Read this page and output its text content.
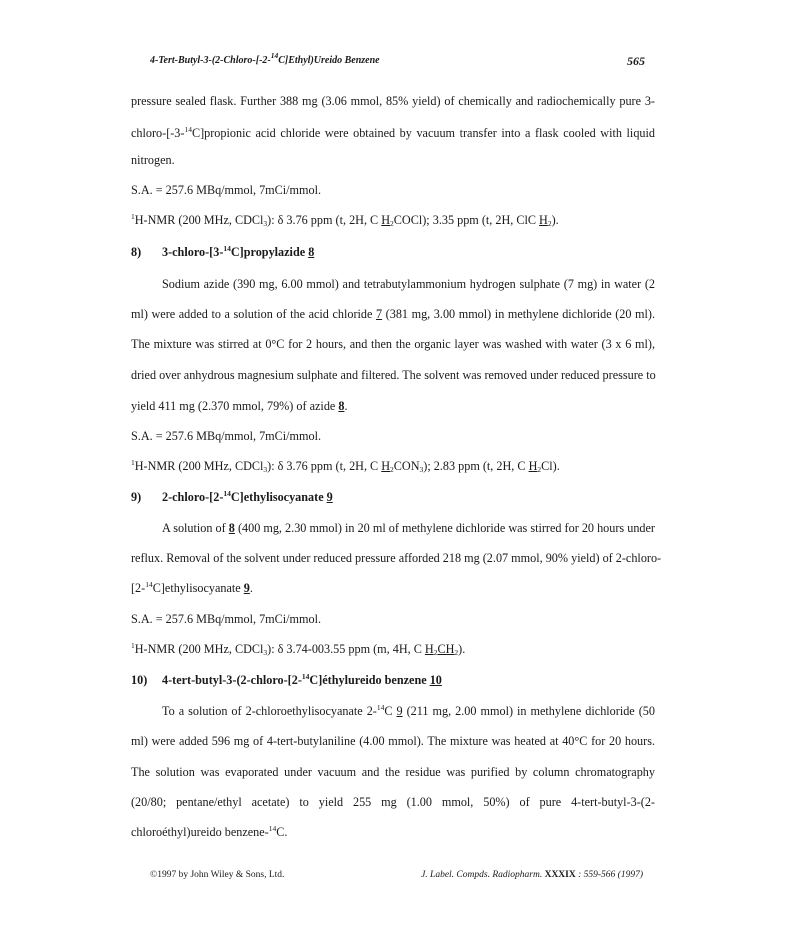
4-Tert-Butyl-3-(2-Chloro-[-2-$^{14}$C]Ethyl)Ureido Benzene	565
pressure sealed flask. Further 388 mg (3.06 mmol, 85% yield) of chemically and radiochemically pure 3-
chloro-[-3-$^{14}$C]propionic acid chloride were obtained by vacuum transfer into a flask cooled with liquid
nitrogen.
S.A. = 257.6 MBq/mmol, 7mCi/mmol.
$^1$H-NMR (200 MHz, CDCl$_3$): δ 3.76 ppm (t, 2H, C $H_2COCl$); 3.35 ppm (t, 2H, ClC $H_2$).
8) 3-chloro-[3-$^{14}$C]propylazide 8
Sodium azide (390 mg, 6.00 mmol) and tetrabutylammonium hydrogen sulphate (7 mg) in water (2
ml) were added to a solution of the acid chloride 7 (381 mg, 3.00 mmol) in methylene dichloride (20 ml).
The mixture was stirred at 0°C for 2 hours, and then the organic layer was washed with water (3 x 6 ml),
dried over anhydrous magnesium sulphate and filtered. The solvent was removed under reduced pressure to
yield 411 mg (2.370 mmol, 79%) of azide 8.
S.A. = 257.6 MBq/mmol, 7mCi/mmol.
$^1$H-NMR (200 MHz, CDCl$_3$): δ 3.76 ppm (t, 2H, C $H_2CON_3$); 2.83 ppm (t, 2H, C $H_2Cl$).
9) 2-chloro-[2-$^{14}$C]ethylisocyanate 9
A solution of 8 (400 mg, 2.30 mmol) in 20 ml of methylene dichloride was stirred for 20 hours under
reflux. Removal of the solvent under reduced pressure afforded 218 mg (2.07 mmol, 90% yield) of 2-chloro-
[2-$^{14}$C]ethylisocyanate 9.
S.A. = 257.6 MBq/mmol, 7mCi/mmol.
$^1$H-NMR (200 MHz, CDCl$_3$): δ 3.74-003.55 ppm (m, 4H, C $H_2CH_2$).
10) 4-tert-butyl-3-(2-chloro-[2-$^{14}$C]éthylureido benzene 10
To a solution of 2-chloroethylisocyanate 2-$^{14}$C 9 (211 mg, 2.00 mmol) in methylene dichloride (50
ml) were added 596 mg of 4-tert-butylaniline (4.00 mmol). The mixture was heated at 40°C for 20 hours.
The solution was evaporated under vacuum and the residue was purified by column chromatography
(20/80; pentane/ethyl acetate) to yield 255 mg (1.00 mmol, 50%) of pure 4-tert-butyl-3-(2-
chloroéthyl)ureido benzene-$^{14}$C.
©1997 by John Wiley & Sons, Ltd.	J. Label. Compds. Radiopharm. XXXIX : 559-566 (1997)
